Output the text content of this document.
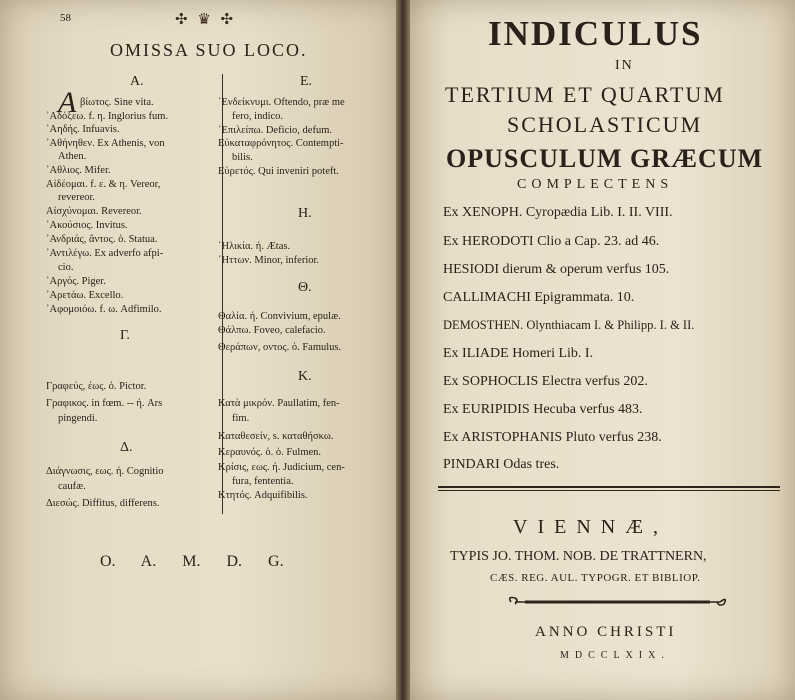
58	✣ ♛ ✣
OMISSA SUO LOCO.
A.
Α βίωτος. Sine vita.
᾿Αδόξεω. f. η. Inglorius fum.
᾿Αηδής. Infuavis.
᾿Αθήνηθεν. Ex Athenis, von
Athen.
᾿Αθλιος. Mifer.
Αἰδέομαι. f. ε. & η. Vereor,
revereor.
Αἰσχύνομαι. Revereor.
᾿Ακούσιος. Invitus.
᾿Ανδριάς, ἄντος. ὁ. Statua.
᾿Αντιλέγω. Ex adverfo afpi-
cio.
᾿Αργός. Piger.
᾿Αρετάω. Excello.
᾿Αφομοιόω. f. ω. Adfimilo.
Γ.
Γραφεύς, έως. ὁ. Pictor.
Γραφικος. in fœm. -- ή. Ars
pingendi.
Δ.
Διάγνωσις, εως. ή. Cognitio
caufæ.
Διεσώς. Diffitus, differens.
E.
᾿Ενδείκνυμι. Oftendo, præ me
fero, indico.
᾿Επιλείπω. Deficio, defum.
Εὐκαταφρόνητος. Contempti-
bilis.
Εὑρετός. Qui inveniri poteft.
H.
῾Ηλικία. ή. Ætas.
῾Ηττων. Minor, inferior.
Θ.
Θαλία. ή. Convivium, epulæ.
Θάλπω. Foveo, calefacio.
Θεράπων, οντος. ὁ. Famulus.
K.
Κατὰ μικρόν. Paullatim, fen-
fim.
Καταθεσείν, s. καταθήσκω.
Κεραυνός. ὁ. ὁ. Fulmen.
Κρίσις, εως. ή. Judicium, cen-
fura, fententia.
Κτητός. Adquifibilis.
O. A. M. D. G.
INDICULUS
IN
TERTIUM ET QUARTUM
SCHOLASTICUM
OPUSCULUM GRÆCUM
COMPLECTENS
Ex XENOPH. Cyropædia Lib. I. II. VIII.
Ex HERODOTI Clio a Cap. 23. ad 46.
HESIODI dierum & operum verfus 105.
CALLIMACHI Epigrammata. 10.
DEMOSTHEN. Olynthiacam I. & Philipp. I. & II.
Ex ILIADE Homeri Lib. I.
Ex SOPHOCLIS Electra verfus 202.
Ex EURIPIDIS Hecuba verfus 483.
Ex ARISTOPHANIS Pluto verfus 238.
PINDARI Odas tres.
VIENNÆ,
TYPIS JO. THOM. NOB. DE TRATTNERN,
CÆS. REG. AUL. TYPOGR. ET BIBLIOP.
ANNO CHRISTI
MDCCLXIX.
